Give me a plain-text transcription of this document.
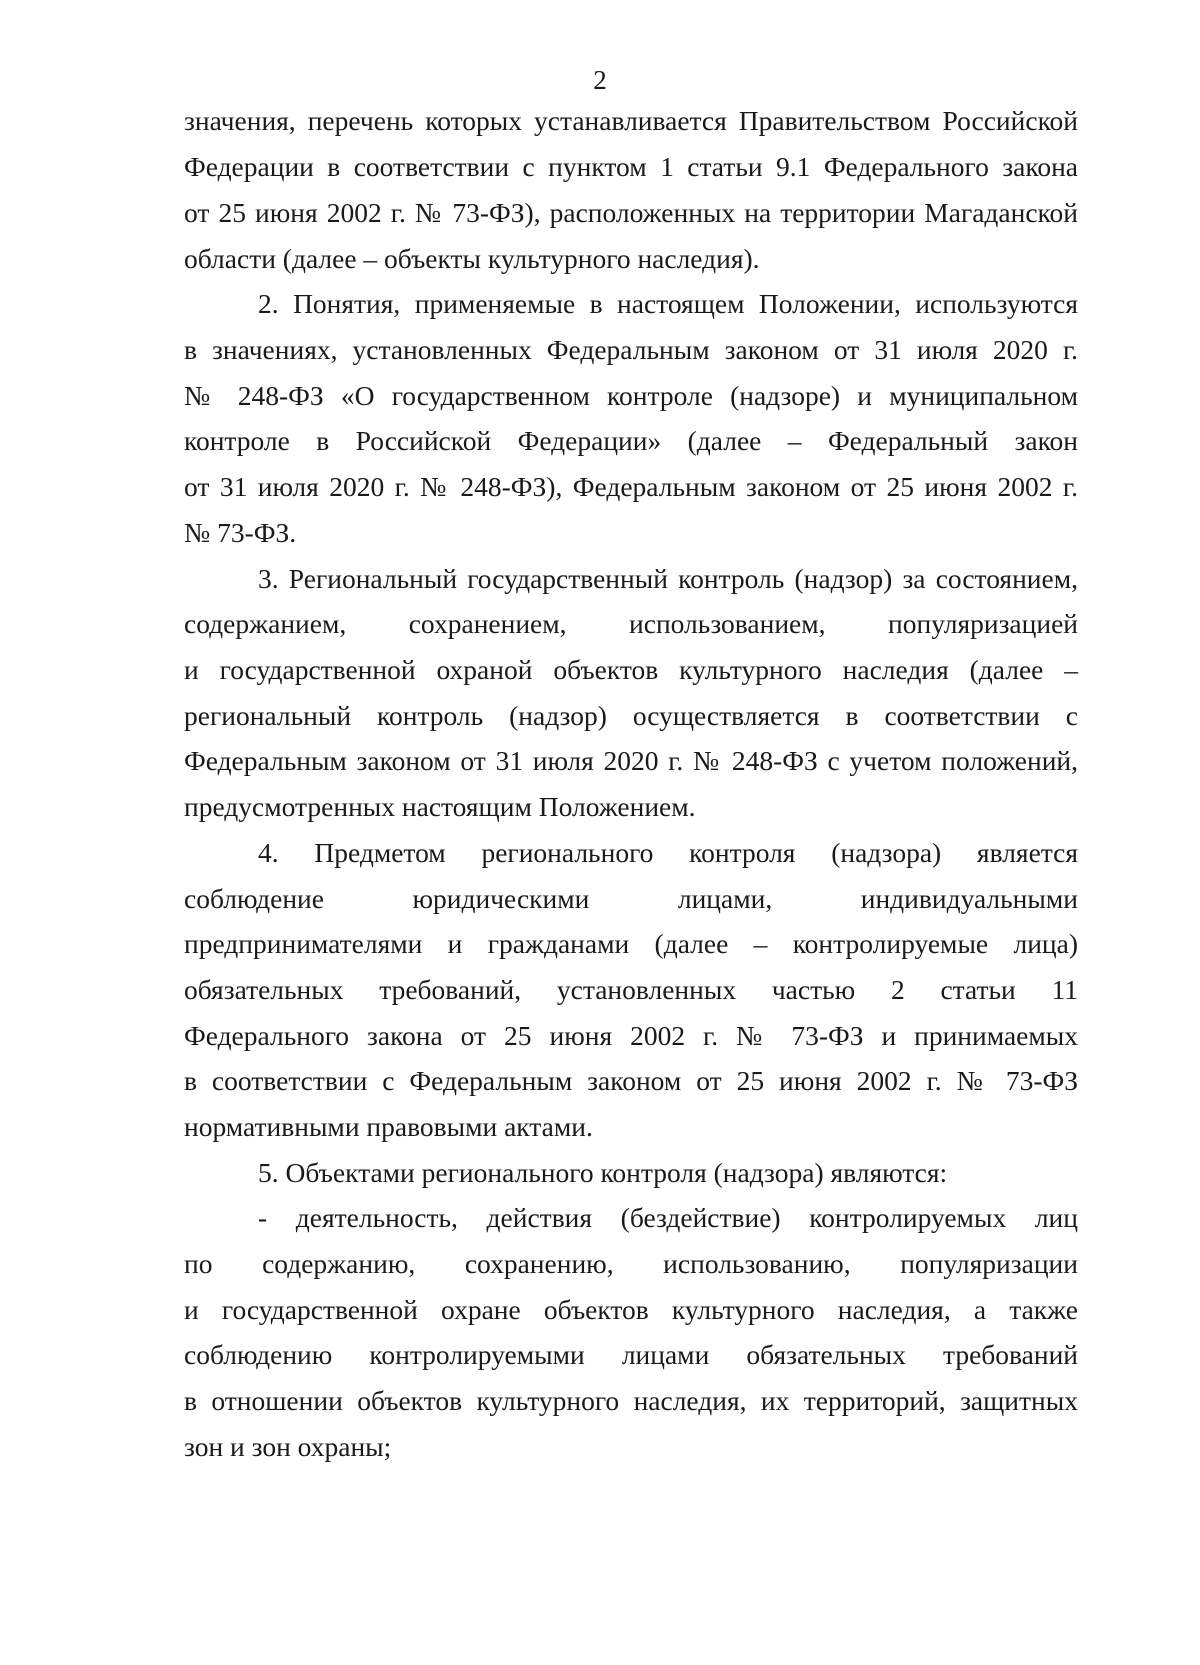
2
значения, перечень которых устанавливается Правительством Российской
Федерации в соответствии с пунктом 1 статьи 9.1 Федерального закона
от 25 июня 2002 г. № 73-ФЗ), расположенных на территории Магаданской
области (далее – объекты культурного наследия).
2. Понятия, применяемые в настоящем Положении, используются
в значениях, установленных Федеральным законом от 31 июля 2020 г.
№ 248-ФЗ «О государственном контроле (надзоре) и муниципальном
контроле в Российской Федерации» (далее – Федеральный закон
от 31 июля 2020 г. № 248-ФЗ), Федеральным законом от 25 июня 2002 г.
№ 73-ФЗ.
3. Региональный государственный контроль (надзор) за состоянием,
содержанием, сохранением, использованием, популяризацией
и государственной охраной объектов культурного наследия (далее –
региональный контроль (надзор) осуществляется в соответствии с
Федеральным законом от 31 июля 2020 г. № 248-ФЗ с учетом положений,
предусмотренных настоящим Положением.
4. Предметом регионального контроля (надзора) является
соблюдение юридическими лицами, индивидуальными
предпринимателями и гражданами (далее – контролируемые лица)
обязательных требований, установленных частью 2 статьи 11
Федерального закона от 25 июня 2002 г. № 73-ФЗ и принимаемых
в соответствии с Федеральным законом от 25 июня 2002 г. № 73-ФЗ
нормативными правовыми актами.
5. Объектами регионального контроля (надзора) являются:
- деятельность, действия (бездействие) контролируемых лиц
по содержанию, сохранению, использованию, популяризации
и государственной охране объектов культурного наследия, а также
соблюдению контролируемыми лицами обязательных требований
в отношении объектов культурного наследия, их территорий, защитных
зон и зон охраны;
